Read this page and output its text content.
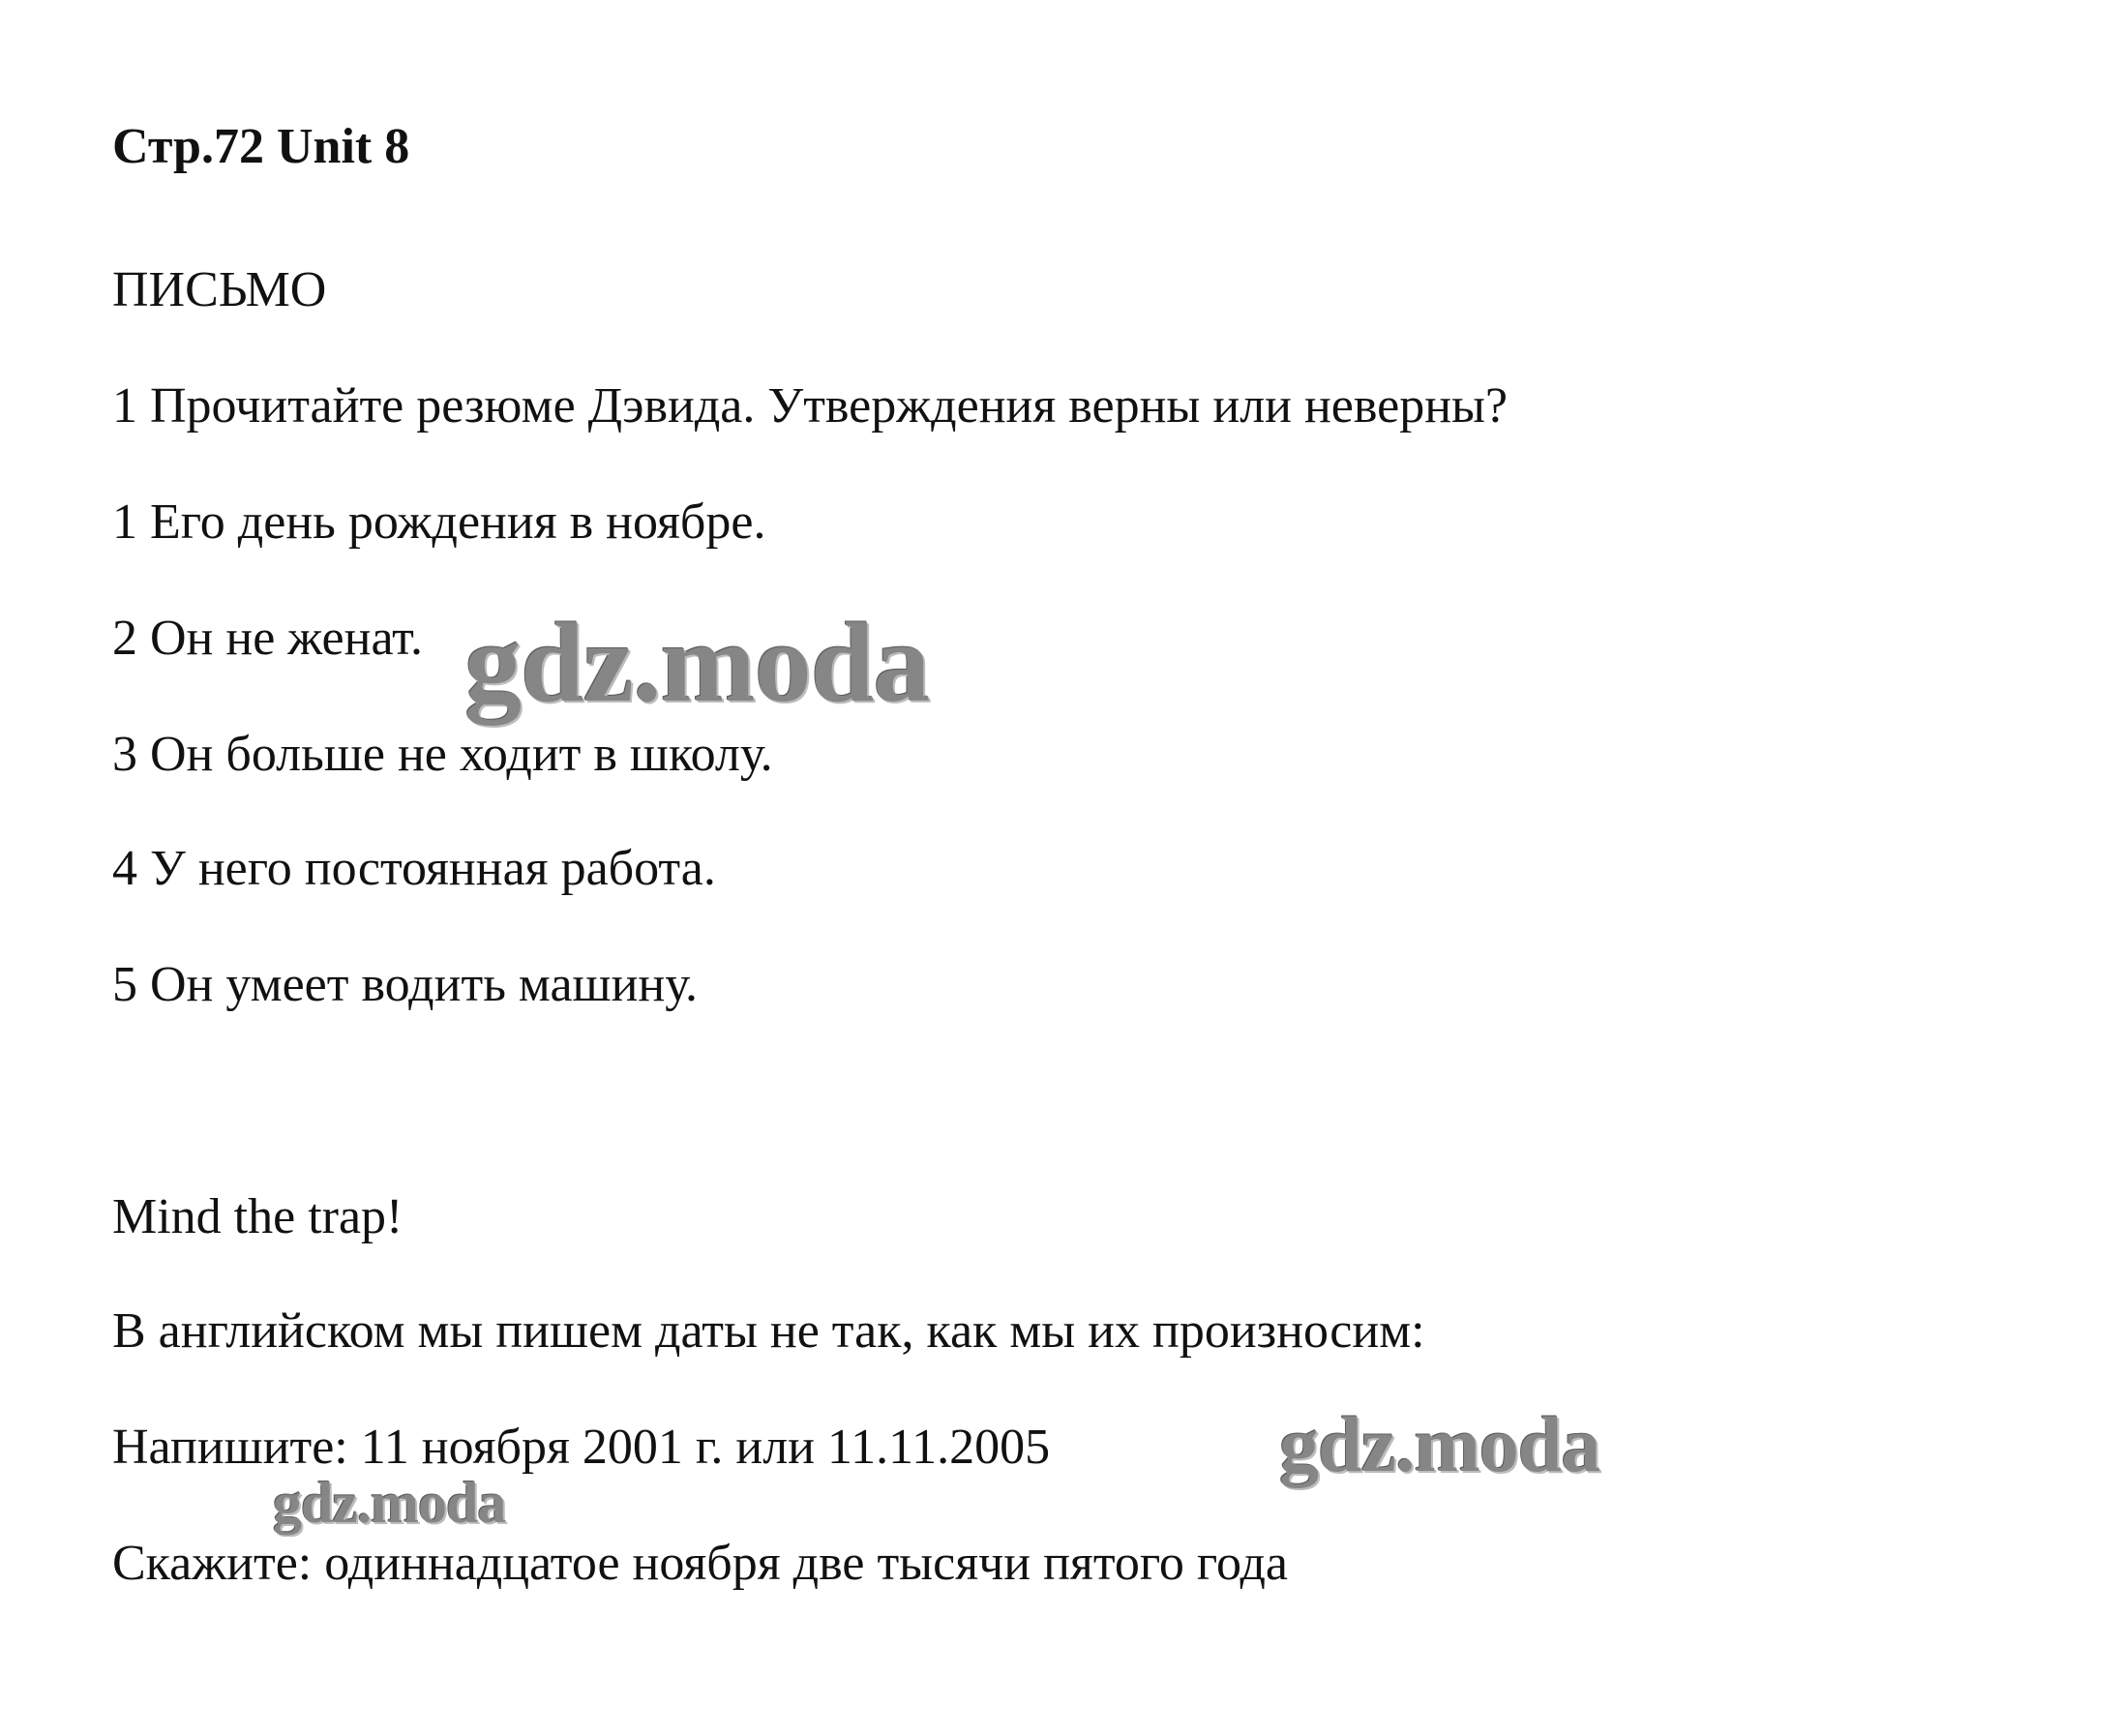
Стр.72 Unit 8

ПИСЬМО

1 Прочитайте резюме Дэвида. Утверждения верны или неверны?

1 Его день рождения в ноябре.

2 Он не женат.

3 Он больше не ходит в школу.

4 У него постоянная работа.

5 Он умеет водить машину.

Mind the trap!

В английском мы пишем даты не так, как мы их произносим:

Напишите: 11 ноября 2001 г. или 11.11.2005

Скажите: одиннадцатое ноября две тысячи пятого года

gdz.moda
gdz.moda
gdz.moda
